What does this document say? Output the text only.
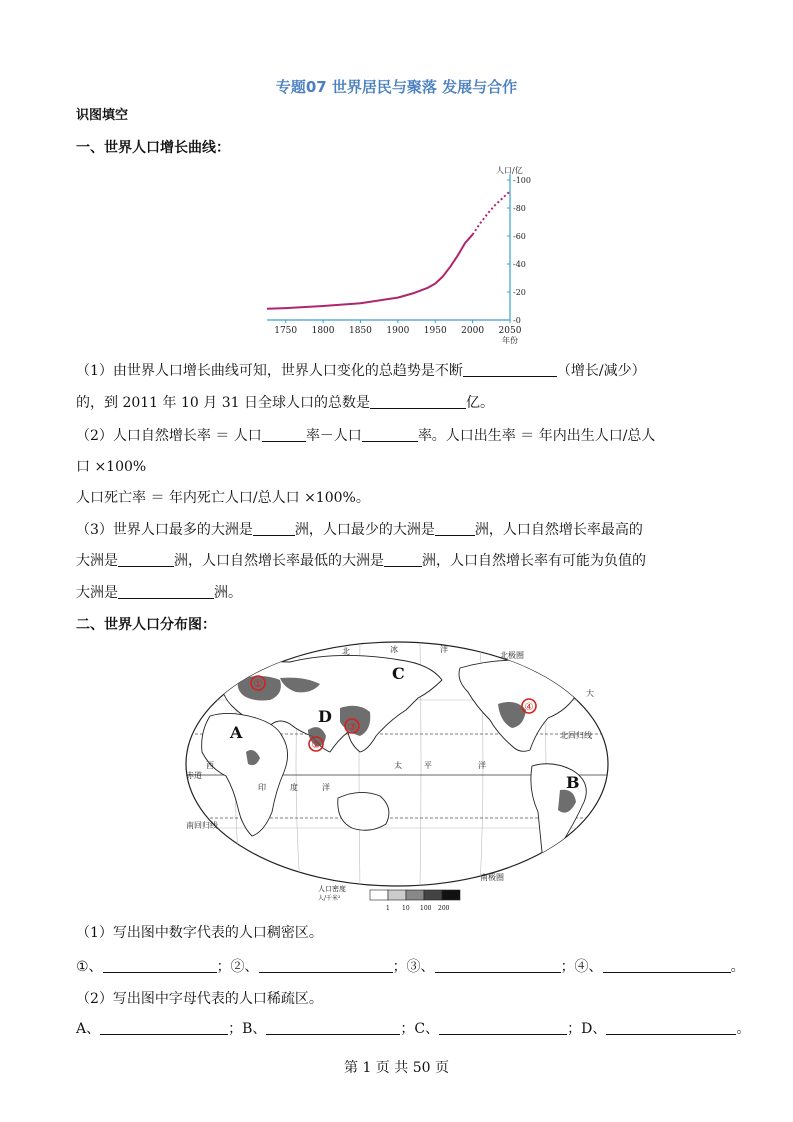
专题07 世界居民与聚落 发展与合作
识图填空
一、世界人口增长曲线：
1750 1800 1850 1900 1950 2000 2050
-0
-20
-40
-60
-80
-100
人口/亿
年份
（1）由世界人口增长曲线可知，世界人口变化的总趋势是不断	（增长/减少）
的，到 2011 年 10 月 31 日全球人口的总数是	亿。
（2）人口自然增长率 ＝ 人口	率－人口	率。人口出生率 ＝ 年内出生人口/总人
口 ×100%
人口死亡率 ＝ 年内死亡人口/总人口 ×100%。
（3）世界人口最多的大洲是	洲，人口最少的大洲是	洲，人口自然增长率最高的
大洲是	洲，人口自然增长率最低的大洲是	洲，人口自然增长率有可能为负值的
大洲是	洲。
二、世界人口分布图：
①
②
③
④
A
B
C
D
北	冰	洋
太	平	洋
大
西
印	度	洋
赤道
南回归线
北回归线
南极圈
北极圈
人口密度
人/千米²
1 10 100 200
（1）写出图中数字代表的人口稠密区。
①、	；②、	；③、	；④、	。
（2）写出图中字母代表的人口稀疏区。
A、	；B、	；C、	；D、	。
第 1 页 共 50 页
